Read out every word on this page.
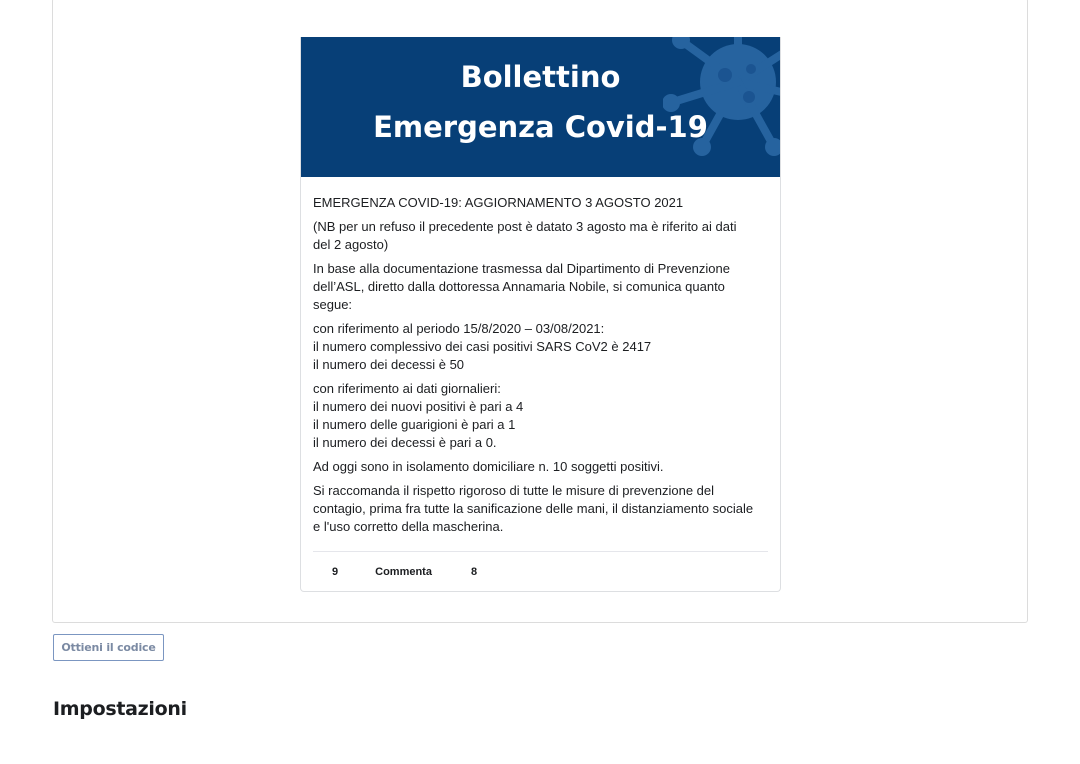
Bollettino
Emergenza Covid-19

EMERGENZA COVID-19: AGGIORNAMENTO 3 AGOSTO 2021

(NB per un refuso il precedente post è datato 3 agosto ma è riferito ai dati
del 2 agosto)

In base alla documentazione trasmessa dal Dipartimento di Prevenzione
dell’ASL, diretto dalla dottoressa Annamaria Nobile, si comunica quanto
segue:

con riferimento al periodo 15/8/2020 – 03/08/2021:
il numero complessivo dei casi positivi SARS CoV2 è 2417
il numero dei decessi è 50

con riferimento ai dati giornalieri:
il numero dei nuovi positivi è pari a 4
il numero delle guarigioni è pari a 1
il numero dei decessi è pari a 0.

Ad oggi sono in isolamento domiciliare n. 10 soggetti positivi.

Si raccomanda il rispetto rigoroso di tutte le misure di prevenzione del
contagio, prima fra tutte la sanificazione delle mani, il distanziamento sociale
e l'uso corretto della mascherina.

9	Commenta	8
Ottieni il codice
Impostazioni
